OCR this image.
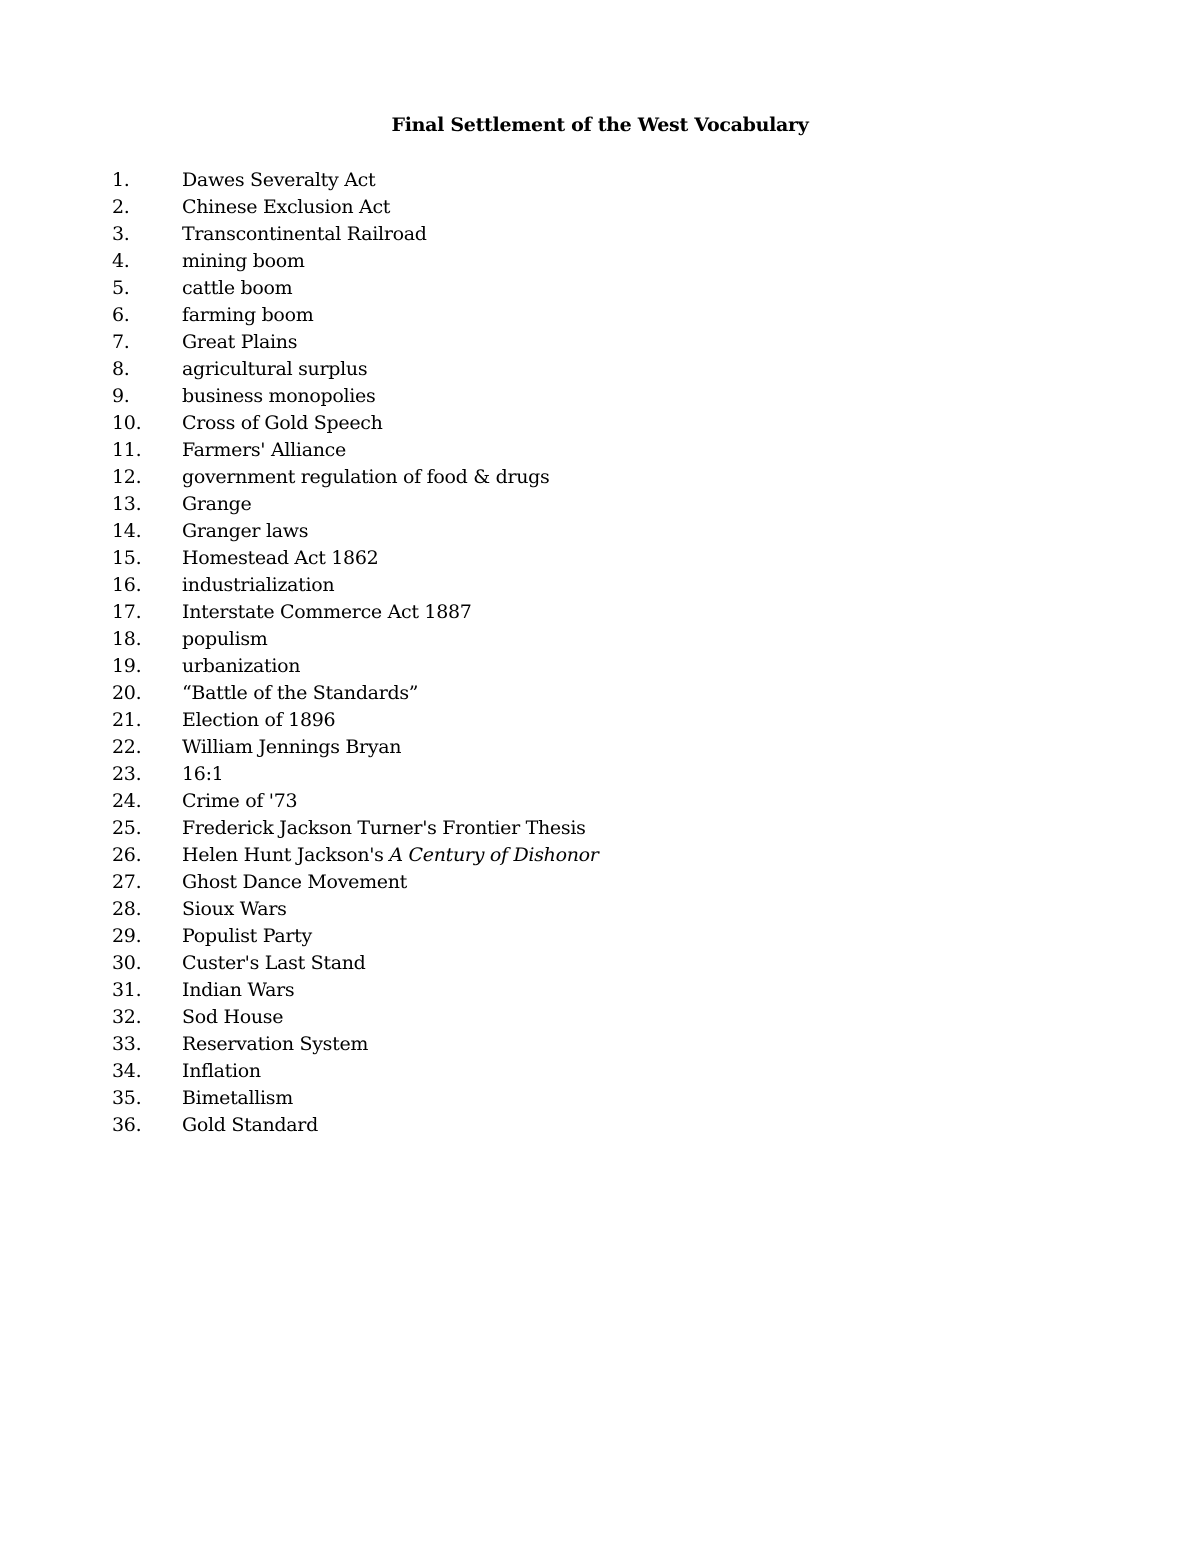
Final Settlement of the West Vocabulary
1.	Dawes Severalty Act
2.	Chinese Exclusion Act
3.	Transcontinental Railroad
4.	mining boom
5.	cattle boom
6.	farming boom
7.	Great Plains
8.	agricultural surplus
9.	business monopolies
10. Cross of Gold Speech
11. Farmers' Alliance
12. government regulation of food & drugs
13. Grange
14. Granger laws
15. Homestead Act 1862
16. industrialization
17. Interstate Commerce Act 1887
18. populism
19. urbanization
20. “Battle of the Standards”
21. Election of 1896
22. William Jennings Bryan
23. 16:1
24. Crime of '73
25. Frederick Jackson Turner's Frontier Thesis
26. Helen Hunt Jackson's A Century of Dishonor
27. Ghost Dance Movement
28. Sioux Wars
29. Populist Party
30. Custer's Last Stand
31. Indian Wars
32. Sod House
33. Reservation System
34. Inflation
35. Bimetallism
36. Gold Standard
